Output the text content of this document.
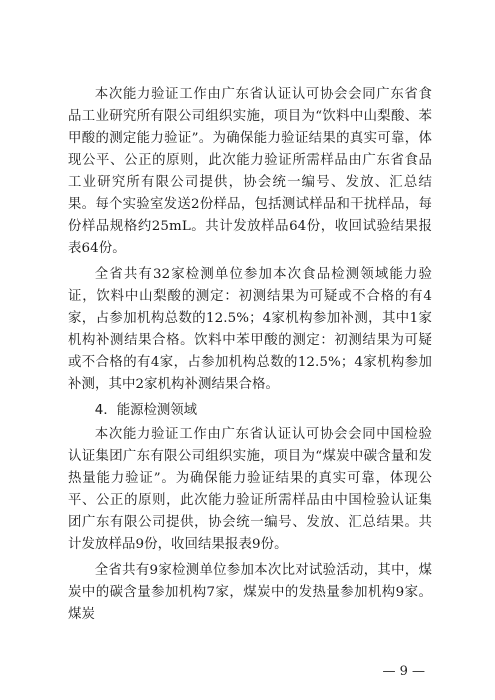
本次能力验证工作由广东省认证认可协会会同广东省食品工业研究所有限公司组织实施，项目为“饮料中山梨酸、苯甲酸的测定能力验证”。为确保能力验证结果的真实可靠，体现公平、公正的原则，此次能力验证所需样品由广东省食品工业研究所有限公司提供，协会统一编号、发放、汇总结果。每个实验室发送2份样品，包括测试样品和干扰样品，每份样品规格约25mL。共计发放样品64份，收回试验结果报表64份。

全省共有32家检测单位参加本次食品检测领域能力验证，饮料中山梨酸的测定：初测结果为可疑或不合格的有4家，占参加机构总数的12.5%；4家机构参加补测，其中1家机构补测结果合格。饮料中苯甲酸的测定：初测结果为可疑或不合格的有4家，占参加机构总数的12.5%；4家机构参加补测，其中2家机构补测结果合格。

4．能源检测领域

本次能力验证工作由广东省认证认可协会会同中国检验认证集团广东有限公司组织实施，项目为“煤炭中碳含量和发热量能力验证”。为确保能力验证结果的真实可靠，体现公平、公正的原则，此次能力验证所需样品由中国检验认证集团广东有限公司提供，协会统一编号、发放、汇总结果。共计发放样品9份，收回结果报表9份。

全省共有9家检测单位参加本次比对试验活动，其中，煤炭中的碳含量参加机构7家，煤炭中的发热量参加机构9家。煤炭

— 9 —
